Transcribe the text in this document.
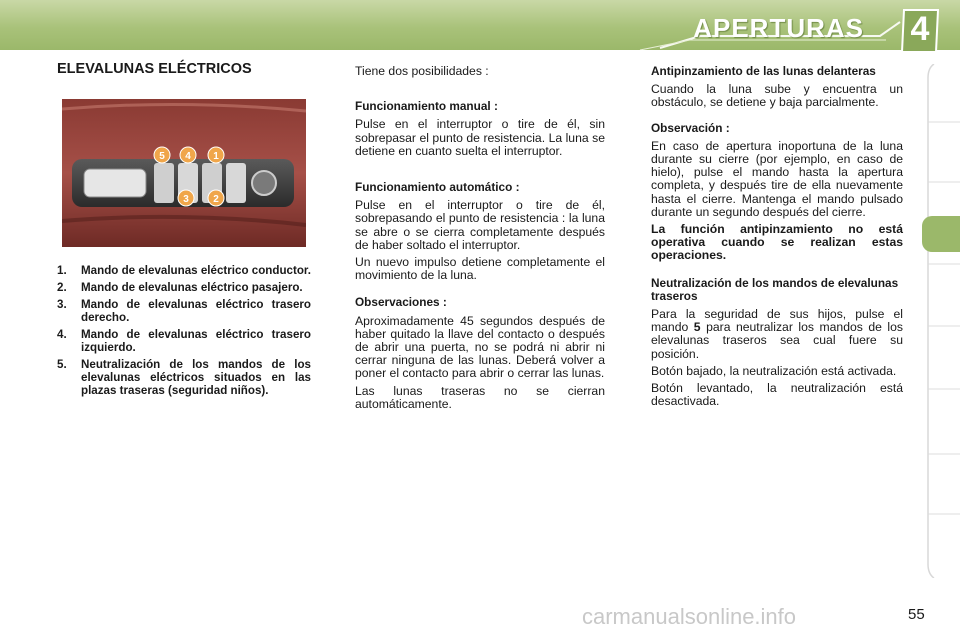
APERTURAS	4
ELEVALUNAS ELÉCTRICOS
5 4 1
3 2
1.	Mando de elevalunas eléctrico conductor.
2.	Mando de elevalunas eléctrico pasajero.
3.	Mando de elevalunas eléctrico trasero derecho.
4.	Mando de elevalunas eléctrico trasero izquierdo.
5.	Neutralización de los mandos de los elevalunas eléctricos situados en las plazas traseras (seguridad niños).

Tiene dos posibilidades :

Funcionamiento manual :

Pulse en el interruptor o tire de él, sin sobrepasar el punto de resistencia. La luna se detiene en cuanto suelta el interruptor.

Funcionamiento automático :

Pulse en el interruptor o tire de él, sobrepasando el punto de resistencia : la luna se abre o se cierra completamente después de haber soltado el interruptor.

Un nuevo impulso detiene completamente el movimiento de la luna.

Observaciones :

Aproximadamente 45 segundos después de haber quitado la llave del contacto o después de abrir una puerta, no se podrá ni abrir ni cerrar ninguna de las lunas. Deberá volver a poner el contacto para abrir o cerrar las lunas.

Las lunas traseras no se cierran automáticamente.

Antipinzamiento de las lunas delanteras

Cuando la luna sube y encuentra un obstáculo, se detiene y baja parcialmente.

Observación :

En caso de apertura inoportuna de la luna durante su cierre (por ejemplo, en caso de hielo), pulse el mando hasta la apertura completa, y después tire de ella nuevamente hasta el cierre. Mantenga el mando pulsado durante un segundo después del cierre.

La función antipinzamiento no está operativa cuando se realizan estas operaciones.

Neutralización de los mandos de elevalunas traseros

Para la seguridad de sus hijos, pulse el mando 5 para neutralizar los mandos de los elevalunas traseros sea cual fuere su posición.

Botón bajado, la neutralización está activada.

Botón levantado, la neutralización está desactivada.

carmanualsonline.info	55
